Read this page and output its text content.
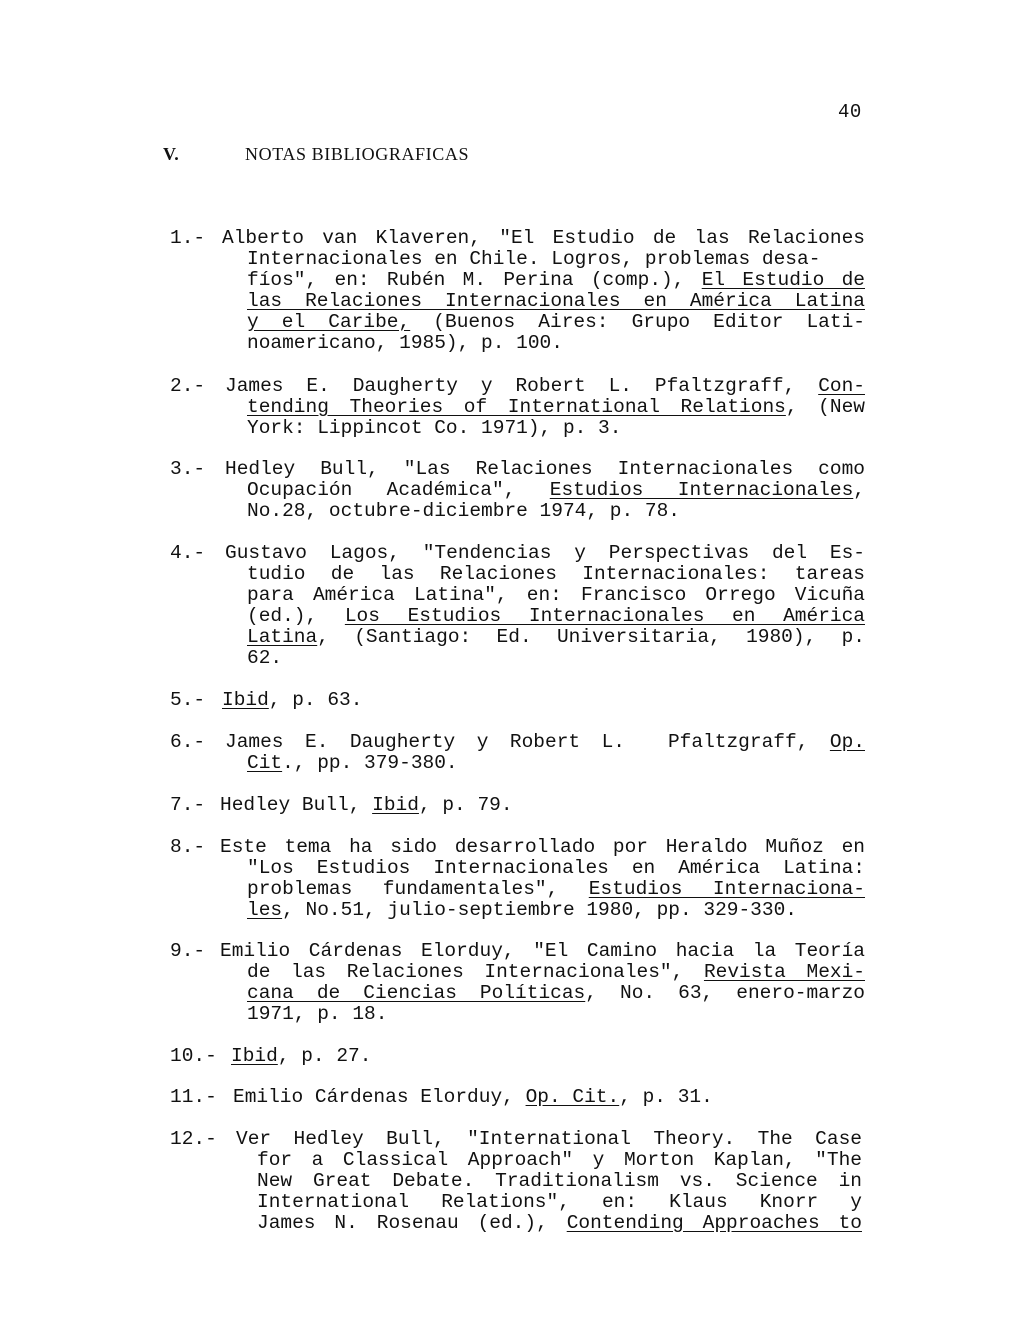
40
V.	NOTAS BIBLIOGRAFICAS
1.- Alberto van Klaveren, "El Estudio de las Relaciones
Internacionales en Chile. Logros, problemas desa-
fíos", en: Rubén M. Perina (comp.), El Estudio de
las Relaciones Internacionales en América Latina
y el Caribe, (Buenos Aires: Grupo Editor Lati-
noamericano, 1985), p. 100.
2.-	James E. Daugherty y Robert L. Pfaltzgraff, Con-
tending Theories of International Relations, (New
York: Lippincot Co. 1971), p. 3.
3.-	Hedley Bull, "Las Relaciones Internacionales como
Ocupación Académica", Estudios Internacionales,
No.28, octubre-diciembre 1974, p. 78.
4.-	Gustavo Lagos, "Tendencias y Perspectivas del Es-
tudio de las Relaciones Internacionales: tareas
para América Latina", en: Francisco Orrego Vicuña
(ed.), Los Estudios Internacionales en América
Latina, (Santiago: Ed. Universitaria, 1980), p.
62.
5.- Ibid, p. 63.
6.-	James E. Daugherty y Robert L.  Pfaltzgraff, Op.
Cit., pp. 379-380.
7.- Hedley Bull, Ibid, p. 79.
8.- Este tema ha sido desarrollado por Heraldo Muñoz en
"Los Estudios Internacionales en América Latina:
problemas fundamentales", Estudios Internaciona-
les, No.51, julio-septiembre 1980, pp. 329-330.
9.- Emilio Cárdenas Elorduy, "El Camino hacia la Teoría
de las Relaciones Internacionales", Revista Mexi-
cana de Ciencias Políticas, No. 63, enero-marzo
1971, p. 18.
10.- Ibid, p. 27.
11.- Emilio Cárdenas Elorduy, Op. Cit., p. 31.
12.- Ver Hedley Bull, "International Theory. The Case
for a Classical Approach" y Morton Kaplan, "The
New Great Debate. Traditionalism vs. Science in
International Relations", en: Klaus Knorr y
James N. Rosenau (ed.), Contending Approaches to
